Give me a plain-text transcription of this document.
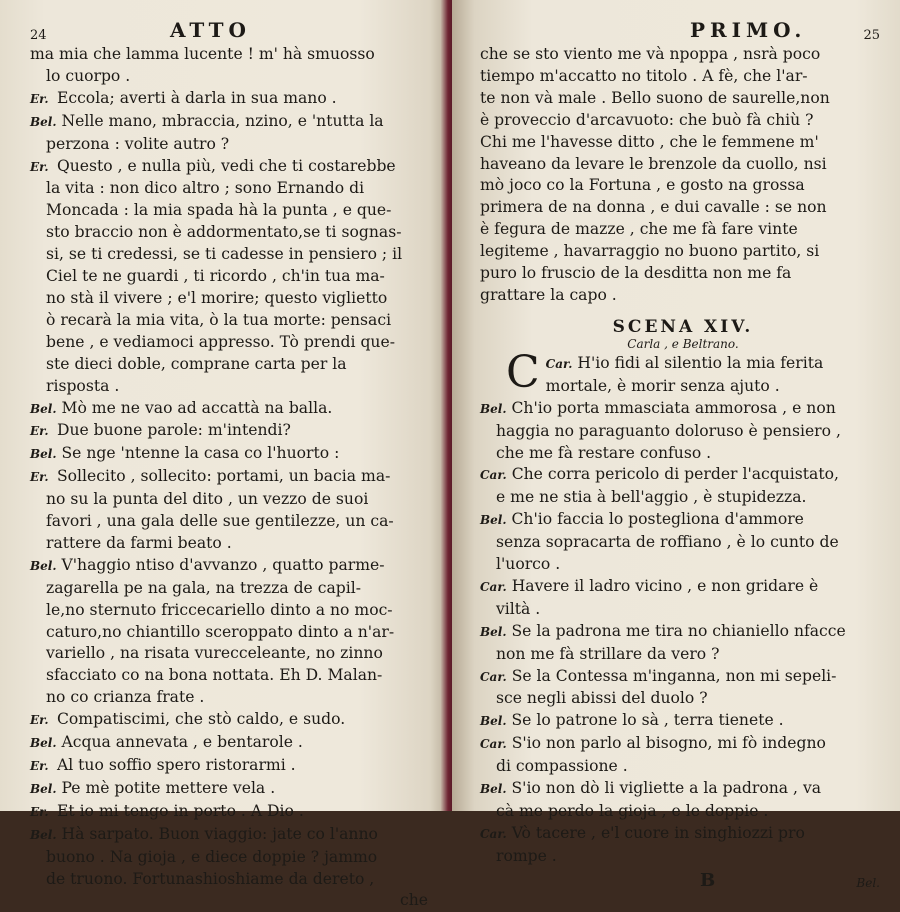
24	ATTO
ma mia che lamma lucente ! m' hà smuosso
lo cuorpo .
Er. Eccola; averti à darla in sua mano .
Bel. Nelle mano, mbraccia, nzino, e 'ntutta la
perzona : volite autro ?
Er. Questo , e nulla più, vedi che ti costarebbe
la vita : non dico altro ; sono Ernando di
Moncada : la mia spada hà la punta , e que-
sto braccio non è addormentato,se ti sognas-
si, se ti credessi, se ti cadesse in pensiero ; il
Ciel te ne guardi , ti ricordo , ch'in tua ma-
no stà il vivere ; e'l morire; questo viglietto
ò recarà la mia vita, ò la tua morte: pensaci
bene , e vediamoci appresso. Tò prendi que-
ste dieci doble, comprane carta per la
risposta .
Bel. Mò me ne vao ad accattà na balla.
Er. Due buone parole: m'intendi?
Bel. Se nge 'ntenne la casa co l'huorto :
Er. Sollecito , sollecito: portami, un bacia ma-
no su la punta del dito , un vezzo de suoi
favori , una gala delle sue gentilezze, un ca-
rattere da farmi beato .
Bel. V'haggio ntiso d'avvanzo , quatto parme-
zagarella pe na gala, na trezza de capil-
le,no sternuto friccecariello dinto a no moc-
caturo,no chiantillo sceroppato dinto a n'ar-
variello , na risata vurecceleante, no zinno
sfacciato co na bona nottata. Eh D. Malan-
no co crianza frate .
Er. Compatiscimi, che stò caldo, e sudo.
Bel. Acqua annevata , e bentarole .
Er. Al tuo soffio spero ristorarmi .
Bel. Pe mè potite mettere vela .
Er. Et io mi tengo in porto . A Dio .
Bel. Hà sarpato. Buon viaggio: jate co l'anno
buono . Na gioja , e diece doppie ? jammo
de truono. Fortunashioshiame da dereto ,
che
PRIMO.	25
che se sto viento me và npoppa , nsrà poco
tiempo m'accatto no titolo . A fè, che l'ar-
te non và male . Bello suono de saurelle,non
è proveccio d'arcavuoto: che buò fà chiù ?
Chi me l'havesse ditto , che le femmene m'
haveano da levare le brenzole da cuollo, nsi
mò joco co la Fortuna , e gosto na grossa
primera de na donna , e dui cavalle : se non
è fegura de mazze , che me fà fare vinte
legiteme , havarraggio no buono partito, si
puro lo fruscio de la desditta non me fa
grattare la capo .
SCENA XIV.
Carla , e Beltrano.
C Car. H'io fidi al silentio la mia ferita
mortale, è morir senza ajuto .
Bel. Ch'io porta mmasciata ammorosa , e non
haggia no paraguanto doloruso è pensiero ,
che me fà restare confuso .
Car. Che corra pericolo di perder l'acquistato,
e me ne stia à bell'aggio , è stupidezza.
Bel. Ch'io faccia lo postegliona d'ammore
senza sopracarta de roffiano , è lo cunto de
l'uorco .
Car. Havere il ladro vicino , e non gridare è
viltà .
Bel. Se la padrona me tira no chianiello nfacce
non me fà strillare da vero ?
Car. Se la Contessa m'inganna, non mi sepeli-
sce negli abissi del duolo ?
Bel. Se lo patrone lo sà , terra tienete .
Car. S'io non parlo al bisogno, mi fò indegno
di compassione .
Bel. S'io non dò li vigliette a la padrona , va
cà me perdo la gioja , e le doppie .
Car. Vò tacere , e'l cuore in singhiozzi pro
rompe .
B	Bel.
